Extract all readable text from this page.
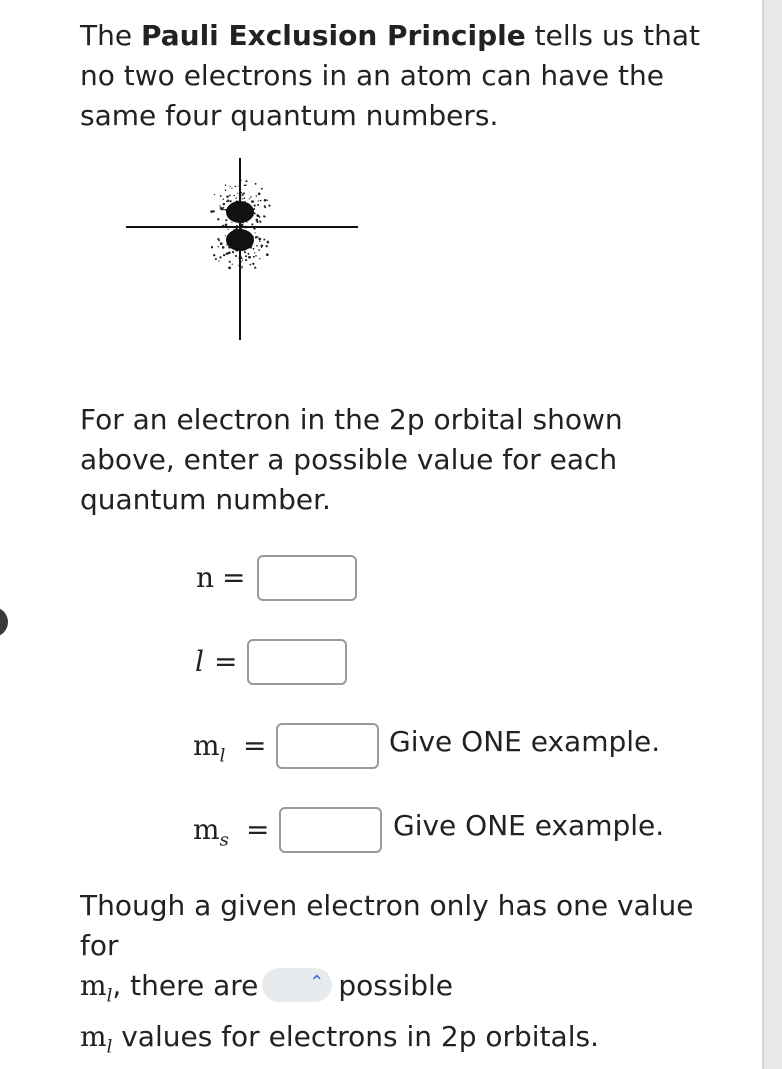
The Pauli Exclusion Principle tells us that no two electrons in an atom can have the same four quantum numbers.

For an electron in the 2p orbital shown above, enter a possible value for each quantum number.

n =
l =
$m_l$ =	Give ONE example.
$m_s$ =	Give ONE example.
Though a given electron only has one value
for
$m_l$, there are	⌃ possible
$m_l$ values for electrons in 2p orbitals.
